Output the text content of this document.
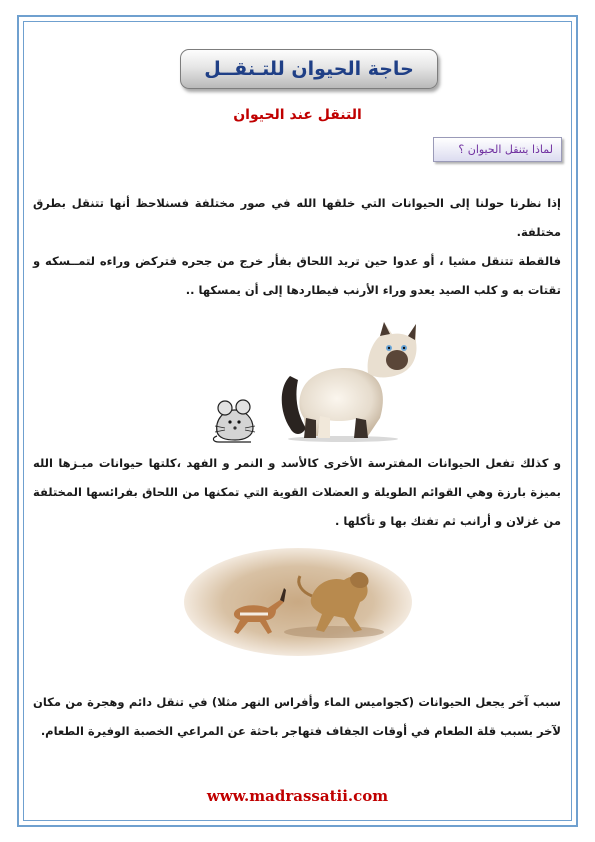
حاجة الحيوان للتـنقــل
التنقل عند الحيوان
لماذا يتنقل الحيوان ؟
إذا نظرنا حولنا إلى الحيوانات التي خلقها الله في صور مختلفة فسنلاحظ أنها تتنقل بطرق مختلفة.
فالقطة تتنقل مشيا ، أو عدوا حين تريد اللحاق بفأر خرج من جحره فتركض وراءه لتمــسكه و تقتات به و كلب الصيد يعدو وراء الأرنب فيطاردها إلى أن يمسكها ..
و كذلك تفعل الحيوانات المفترسة الأخرى كالأسد و النمر و الفهد ،كلتها حيوانات ميـزها الله بميزة بارزة وهي القوائم الطويلة و العضلات القوية التي تمكنها من اللحاق بفرائسها المختلفة من غزلان و أرانب ثم تفتك بها و تأكلها .
سبب آخر يجعل الحيوانات (كجواميس الماء وأفراس النهر مثلا) في تنقل دائم وهجرة من مكان لآخر بسبب قلة الطعام في أوقات الجفاف فتهاجر باحثة عن المراعي الخصبة الوفيرة الطعام.
www.madrassatii.com
